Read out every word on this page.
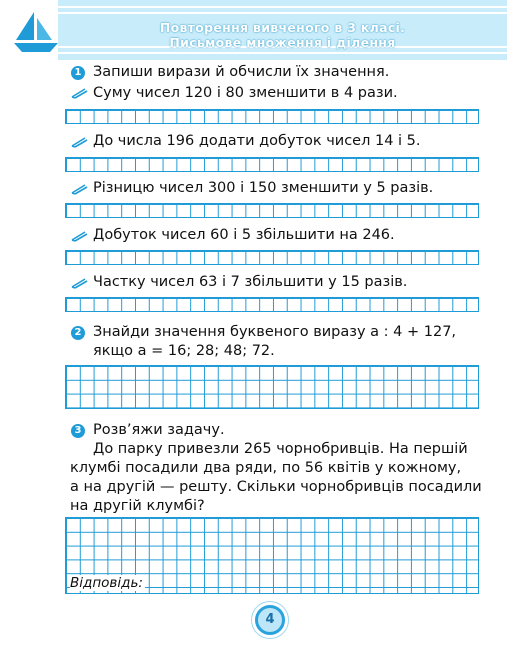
Повторення вивченого в 3 класі.
Письмове множення і ділення
1 Запиши вирази й обчисли їх значення.
Суму чисел 120 і 80 зменшити в 4 рази.
До числа 196 додати добуток чисел 14 і 5.
Різницю чисел 300 і 150 зменшити у 5 разів.
Добуток чисел 60 і 5 збільшити на 246.
Частку чисел 63 і 7 збільшити у 15 разів.
2 Знайди значення буквеного виразу а : 4 + 127,
якщо а = 16; 28; 48; 72.
3 Розв’яжи задачу.
До парку привезли 265 чорнобривців. На першій
клумбі посадили два ряди, по 56 квітів у кожному,
а на другій — решту. Скільки чорнобривців посадили
на другій клумбі?
Відповідь:
4
